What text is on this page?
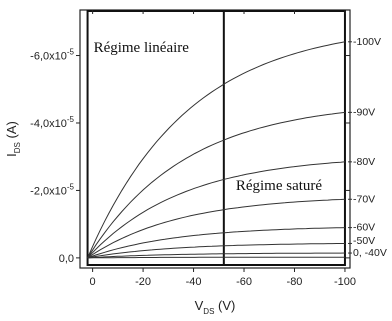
0	-20	-40	-60	-80	-100
0,0
$-2,0x10^{-5}$
$-4,0x10^{-5}$
$-6,0x10^{-5}$ Régime linéaire
Régime saturé
-100V
-90V
-80V
-70V
-60V
-50V
0, -40V
$V_{DS}$ (V)
$I_{DS}$ (A)
